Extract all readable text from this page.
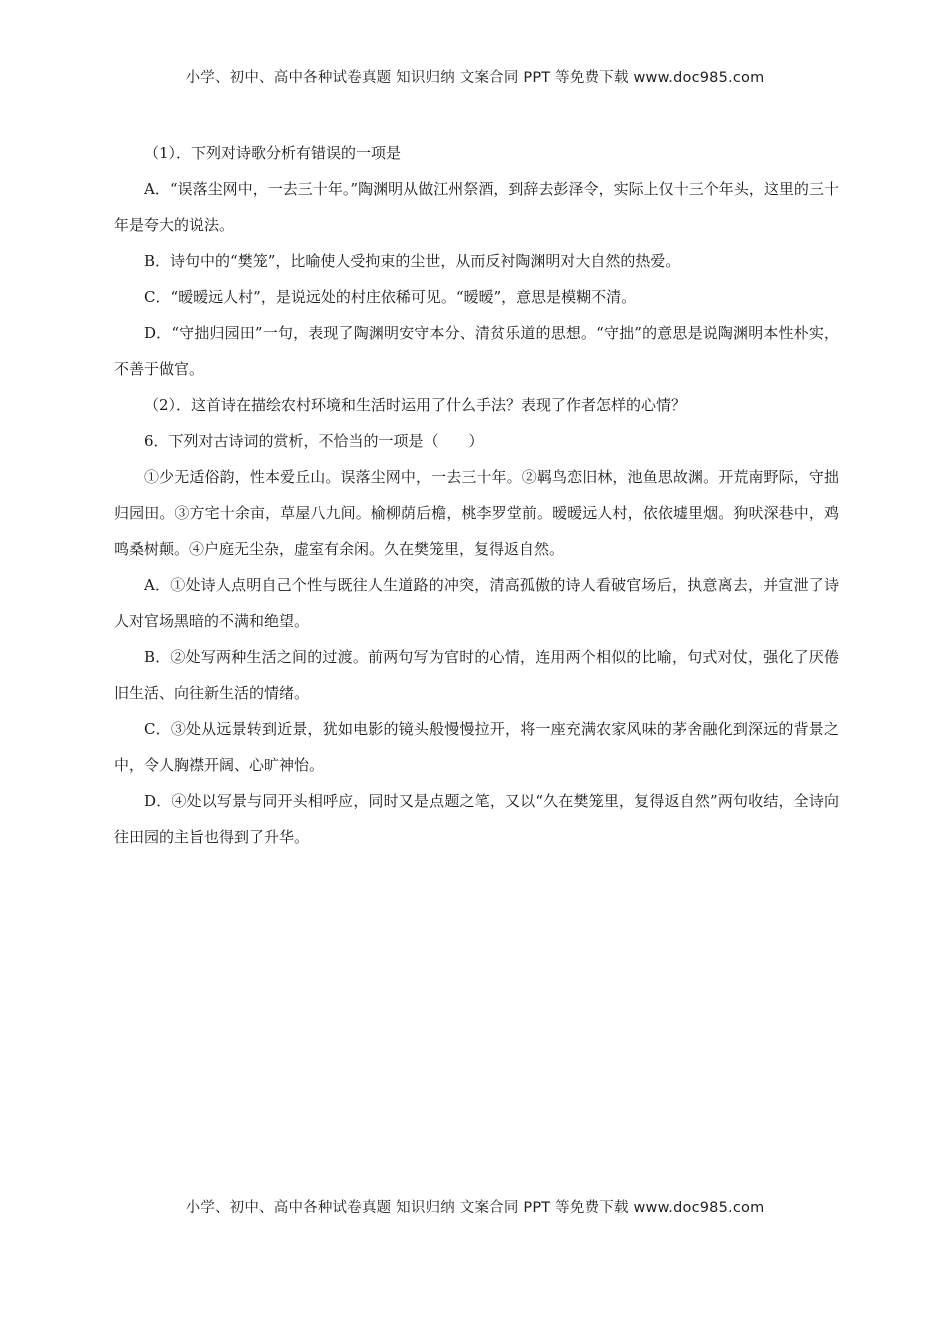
小学、初中、高中各种试卷真题 知识归纳 文案合同 PPT 等免费下载 www.doc985.com

（1）．下列对诗歌分析有错误的一项是

A．“误落尘网中，一去三十年。”陶渊明从做江州祭酒，到辞去彭泽令，实际上仅十三个年头，这里的三十年是夸大的说法。

B．诗句中的“樊笼”，比喻使人受拘束的尘世，从而反衬陶渊明对大自然的热爱。

C．“暧暧远人村”，是说远处的村庄依稀可见。“暧暧”，意思是模糊不清。

D．“守拙归园田”一句，表现了陶渊明安守本分、清贫乐道的思想。“守拙”的意思是说陶渊明本性朴实，不善于做官。

（2）．这首诗在描绘农村环境和生活时运用了什么手法？表现了作者怎样的心情？

6．下列对古诗词的赏析，不恰当的一项是（　　）

①少无适俗韵，性本爱丘山。误落尘网中，一去三十年。②羁鸟恋旧林，池鱼思故渊。开荒南野际，守拙归园田。③方宅十余亩，草屋八九间。榆柳荫后檐，桃李罗堂前。暧暧远人村，依依墟里烟。狗吠深巷中，鸡鸣桑树颠。④户庭无尘杂，虚室有余闲。久在樊笼里，复得返自然。

A．①处诗人点明自己个性与既往人生道路的冲突，清高孤傲的诗人看破官场后，执意离去，并宣泄了诗人对官场黑暗的不满和绝望。

B．②处写两种生活之间的过渡。前两句写为官时的心情，连用两个相似的比喻，句式对仗，强化了厌倦旧生活、向往新生活的情绪。

C．③处从远景转到近景，犹如电影的镜头般慢慢拉开，将一座充满农家风味的茅舍融化到深远的背景之中，令人胸襟开阔、心旷神怡。

D．④处以写景与同开头相呼应，同时又是点题之笔，又以“久在樊笼里，复得返自然”两句收结，全诗向往田园的主旨也得到了升华。

小学、初中、高中各种试卷真题 知识归纳 文案合同 PPT 等免费下载 www.doc985.com
